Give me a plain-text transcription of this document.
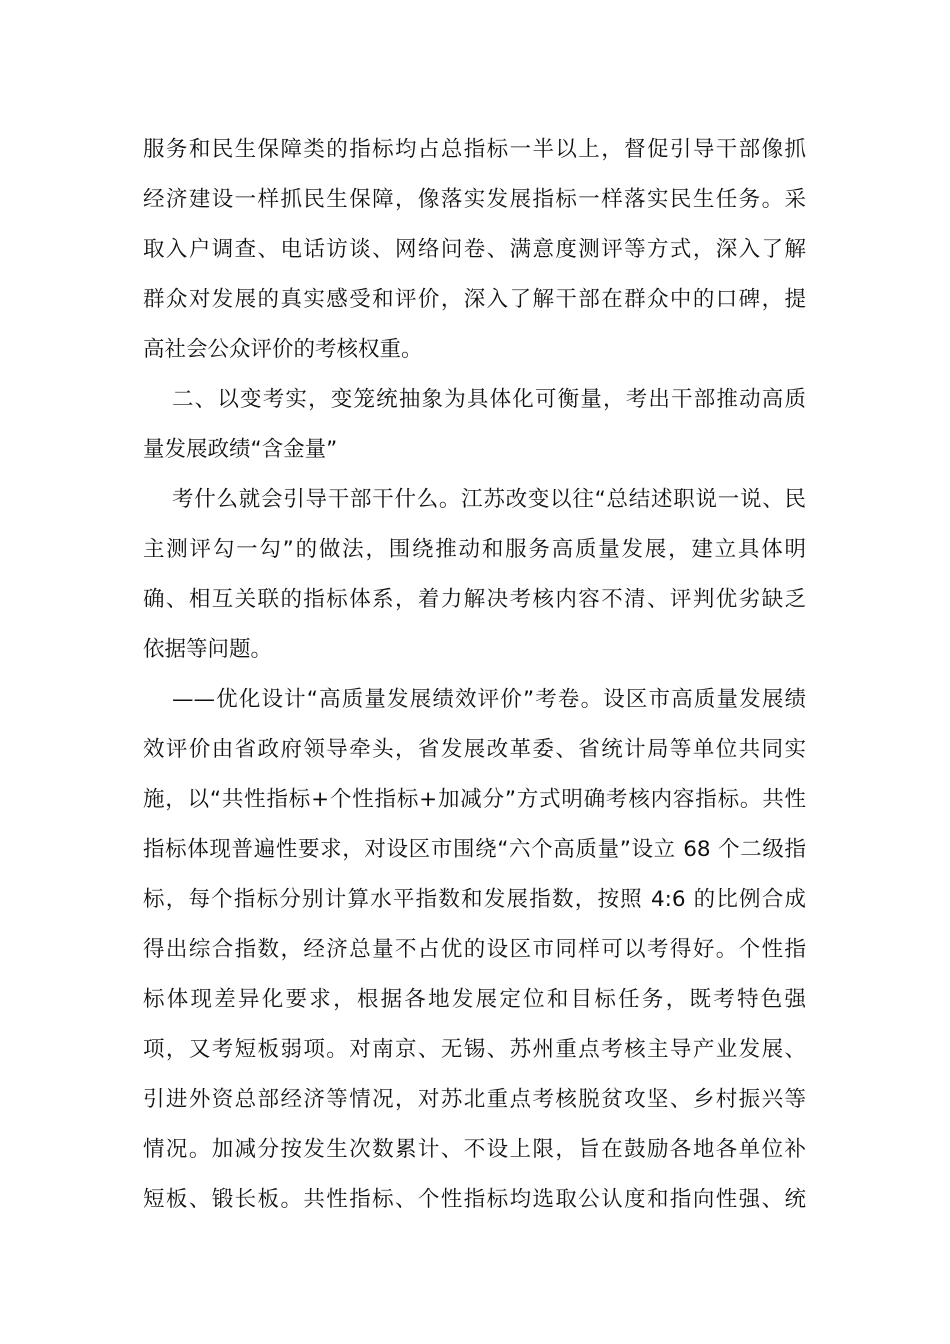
服务和民生保障类的指标均占总指标一半以上，督促引导干部像抓
经济建设一样抓民生保障，像落实发展指标一样落实民生任务。采
取入户调查、电话访谈、网络问卷、满意度测评等方式，深入了解
群众对发展的真实感受和评价，深入了解干部在群众中的口碑，提
高社会公众评价的考核权重。
二、以变考实，变笼统抽象为具体化可衡量，考出干部推动高质
量发展政绩“含金量”
考什么就会引导干部干什么。江苏改变以往“总结述职说一说、民
主测评勾一勾”的做法，围绕推动和服务高质量发展，建立具体明
确、相互关联的指标体系，着力解决考核内容不清、评判优劣缺乏
依据等问题。
——优化设计“高质量发展绩效评价”考卷。设区市高质量发展绩
效评价由省政府领导牵头，省发展改革委、省统计局等单位共同实
施，以“共性指标+个性指标+加减分”方式明确考核内容指标。共性
指标体现普遍性要求，对设区市围绕“六个高质量”设立 68 个二级指
标，每个指标分别计算水平指数和发展指数，按照 4:6 的比例合成
得出综合指数，经济总量不占优的设区市同样可以考得好。个性指
标体现差异化要求，根据各地发展定位和目标任务，既考特色强
项，又考短板弱项。对南京、无锡、苏州重点考核主导产业发展、
引进外资总部经济等情况，对苏北重点考核脱贫攻坚、乡村振兴等
情况。加减分按发生次数累计、不设上限，旨在鼓励各地各单位补
短板、锻长板。共性指标、个性指标均选取公认度和指向性强、统
